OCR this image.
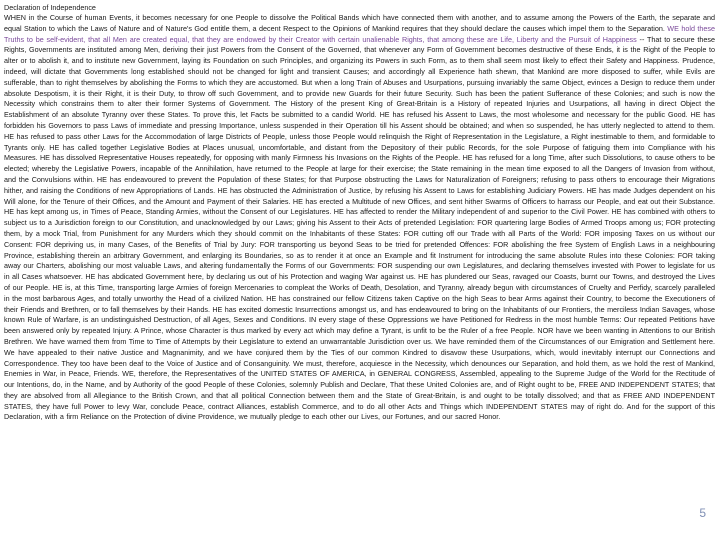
Declaration of Independence

WHEN in the Course of human Events, it becomes necessary for one People to dissolve the Political Bands which have connected them with another, and to assume among the Powers of the Earth, the separate and equal Station to which the Laws of Nature and of Nature's God entitle them, a decent Respect to the Opinions of Mankind requires that they should declare the causes which impel them to the Separation. WE hold these Truths to be self-evident, that all Men are created equal, that they are endowed by their Creator with certain unalienable Rights, that among these are Life, Liberty and the Pursuit of Happiness -- That to secure these Rights, Governments are instituted among Men, deriving their just Powers from the Consent of the Governed, that whenever any Form of Government becomes destructive of these Ends, it is the Right of the People to alter or to abolish it, and to institute new Government, laying its Foundation on such Principles, and organizing its Powers in such Form, as to them shall seem most likely to effect their Safety and Happiness. Prudence, indeed, will dictate that Governments long established should not be changed for light and transient Causes; and accordingly all Experience hath shewn, that Mankind are more disposed to suffer, while Evils are sufferable, than to right themselves by abolishing the Forms to which they are accustomed. But when a long Train of Abuses and Usurpations, pursuing invariably the same Object, evinces a Design to reduce them under absolute Despotism, it is their Right, it is their Duty, to throw off such Government, and to provide new Guards for their future Security. Such has been the patient Sufferance of these Colonies; and such is now the Necessity which constrains them to alter their former Systems of Government. The History of the present King of Great-Britain is a History of repeated Injuries and Usurpations, all having in direct Object the Establishment of an absolute Tyranny over these States. To prove this, let Facts be submitted to a candid World. HE has refused his Assent to Laws, the most wholesome and necessary for the public Good. HE has forbidden his Governors to pass Laws of immediate and pressing Importance, unless suspended in their Operation till his Assent should be obtained; and when so suspended, he has utterly neglected to attend to them. HE has refused to pass other Laws for the Accommodation of large Districts of People, unless those People would relinquish the Right of Representation in the Legislature, a Right inestimable to them, and formidable to Tyrants only. HE has called together Legislative Bodies at Places unusual, uncomfortable, and distant from the Depository of their public Records, for the sole Purpose of fatiguing them into Compliance with his Measures. HE has dissolved Representative Houses repeatedly, for opposing with manly Firmness his Invasions on the Rights of the People. HE has refused for a long Time, after such Dissolutions, to cause others to be elected; whereby the Legislative Powers, incapable of the Annihilation, have returned to the People at large for their exercise; the State remaining in the mean time exposed to all the Dangers of Invasion from without, and the Convulsions within. HE has endeavoured to prevent the Population of these States; for that Purpose obstructing the Laws for Naturalization of Foreigners; refusing to pass others to encourage their Migrations hither, and raising the Conditions of new Appropriations of Lands. HE has obstructed the Administration of Justice, by refusing his Assent to Laws for establishing Judiciary Powers. HE has made Judges dependent on his Will alone, for the Tenure of their Offices, and the Amount and Payment of their Salaries. HE has erected a Multitude of new Offices, and sent hither Swarms of Officers to harrass our People, and eat out their Substance. HE has kept among us, in Times of Peace, Standing Armies, without the Consent of our Legislatures. HE has affected to render the Military independent of and superior to the Civil Power. HE has combined with others to subject us to a Jurisdiction foreign to our Constitution, and unacknowledged by our Laws; giving his Assent to their Acts of pretended Legislation: FOR quartering large Bodies of Armed Troops among us; FOR protecting them, by a mock Trial, from Punishment for any Murders which they should commit on the Inhabitants of these States: FOR cutting off our Trade with all Parts of the World: FOR imposing Taxes on us without our Consent: FOR depriving us, in many Cases, of the Benefits of Trial by Jury: FOR transporting us beyond Seas to be tried for pretended Offences: FOR abolishing the free System of English Laws in a neighbouring Province, establishing therein an arbitrary Government, and enlarging its Boundaries, so as to render it at once an Example and fit Instrument for introducing the same absolute Rules into these Colonies: FOR taking away our Charters, abolishing our most valuable Laws, and altering fundamentally the Forms of our Governments: FOR suspending our own Legislatures, and declaring themselves invested with Power to legislate for us in all Cases whatsoever. HE has abdicated Government here, by declaring us out of his Protection and waging War against us. HE has plundered our Seas, ravaged our Coasts, burnt our Towns, and destroyed the Lives of our People. HE is, at this Time, transporting large Armies of foreign Mercenaries to compleat the Works of Death, Desolation, and Tyranny, already begun with circumstances of Cruelty and Perfidy, scarcely paralleled in the most barbarous Ages, and totally unworthy the Head of a civilized Nation. HE has constrained our fellow Citizens taken Captive on the high Seas to bear Arms against their Country, to become the Executioners of their Friends and Brethren, or to fall themselves by their Hands. HE has excited domestic Insurrections amongst us, and has endeavoured to bring on the Inhabitants of our Frontiers, the merciless Indian Savages, whose known Rule of Warfare, is an undistinguished Destruction, of all Ages, Sexes and Conditions. IN every stage of these Oppressions we have Petitioned for Redress in the most humble Terms: Our repeated Petitions have been answered only by repeated Injury. A Prince, whose Character is thus marked by every act which may define a Tyrant, is unfit to be the Ruler of a free People. NOR have we been wanting in Attentions to our British Brethren. We have warned them from Time to Time of Attempts by their Legislature to extend an unwarrantable Jurisdiction over us. We have reminded them of the Circumstances of our Emigration and Settlement here. We have appealed to their native Justice and Magnanimity, and we have conjured them by the Ties of our common Kindred to disavow these Usurpations, which, would inevitably interrupt our Connections and Correspondence. They too have been deaf to the Voice of Justice and of Consanguinity. We must, therefore, acquiesce in the Necessity, which denounces our Separation, and hold them, as we hold the rest of Mankind, Enemies in War, in Peace, Friends. WE, therefore, the Representatives of the UNITED STATES OF AMERICA, in GENERAL CONGRESS, Assembled, appealing to the Supreme Judge of the World for the Rectitude of our Intentions, do, in the Name, and by Authority of the good People of these Colonies, solemnly Publish and Declare, That these United Colonies are, and of Right ought to be, FREE AND INDEPENDENT STATES; that they are absolved from all Allegiance to the British Crown, and that all political Connection between them and the State of Great-Britain, is and ought to be totally dissolved; and that as FREE AND INDEPENDENT STATES, they have full Power to levy War, conclude Peace, contract Alliances, establish Commerce, and to do all other Acts and Things which INDEPENDENT STATES may of right do. And for the support of this Declaration, with a firm Reliance on the Protection of divine Providence, we mutually pledge to each other our Lives, our Fortunes, and our sacred Honor.

5
